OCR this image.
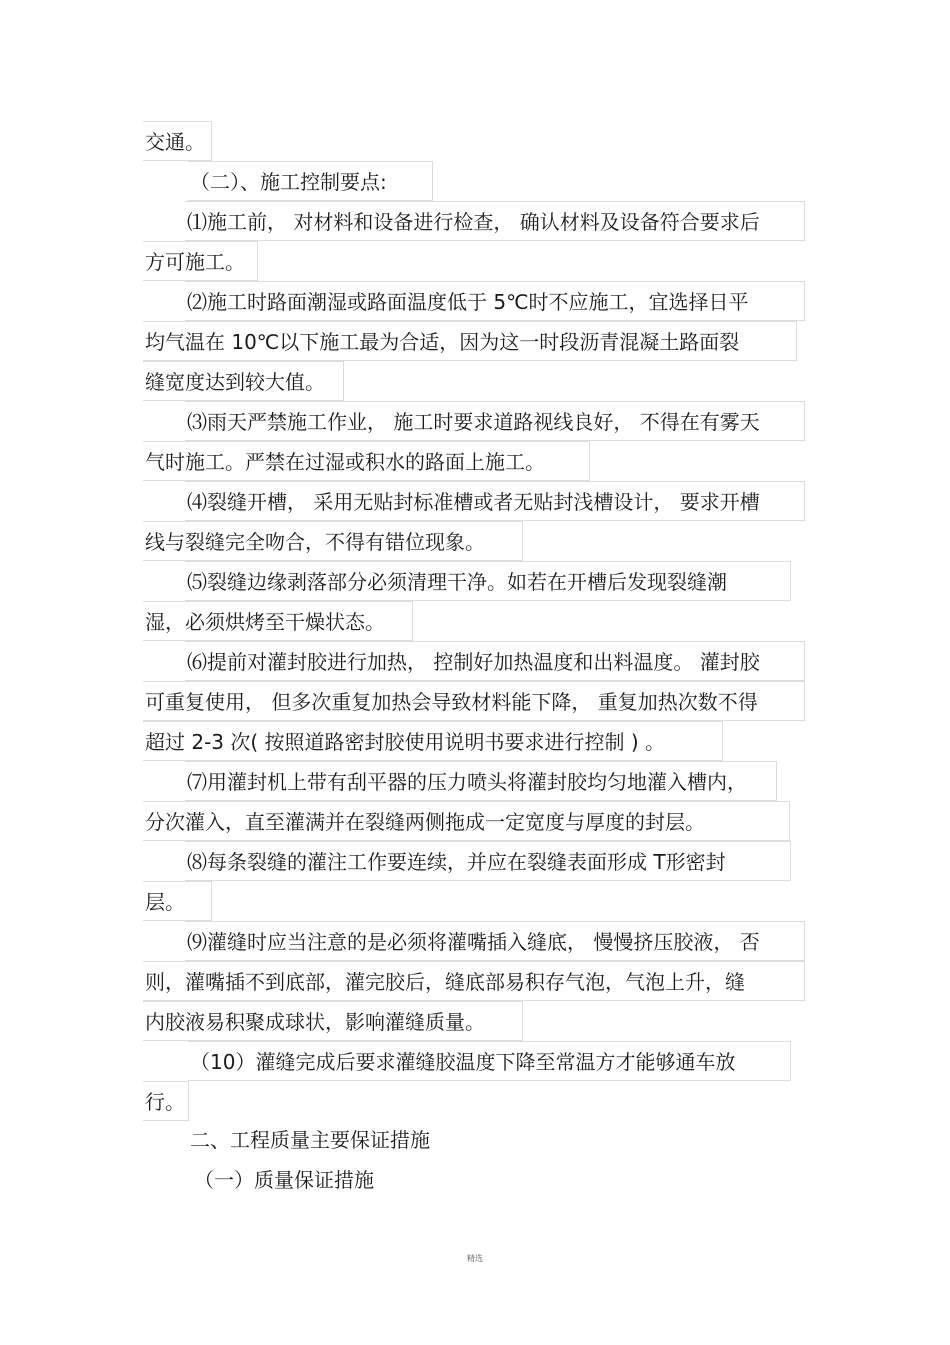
交通。
（二）、施工控制要点:
⑴施工前， 对材料和设备进行检查， 确认材料及设备符合要求后
方可施工。
⑵施工时路面潮湿或路面温度低于 5℃时不应施工，宜选择日平
均气温在 10℃以下施工最为合适，因为这一时段沥青混凝土路面裂
缝宽度达到较大值。
⑶雨天严禁施工作业， 施工时要求道路视线良好， 不得在有雾天
气时施工。严禁在过湿或积水的路面上施工。
⑷裂缝开槽， 采用无贴封标准槽或者无贴封浅槽设计， 要求开槽
线与裂缝完全吻合，不得有错位现象。
⑸裂缝边缘剥落部分必须清理干净。如若在开槽后发现裂缝潮
湿，必须烘烤至干燥状态。
⑹提前对灌封胶进行加热， 控制好加热温度和出料温度。 灌封胶
可重复使用， 但多次重复加热会导致材料能下降， 重复加热次数不得
超过 2-3 次( 按照道路密封胶使用说明书要求进行控制 ) 。
⑺用灌封机上带有刮平器的压力喷头将灌封胶均匀地灌入槽内，
分次灌入，直至灌满并在裂缝两侧拖成一定宽度与厚度的封层。
⑻每条裂缝的灌注工作要连续，并应在裂缝表面形成 T形密封
层。
⑼灌缝时应当注意的是必须将灌嘴插入缝底， 慢慢挤压胶液， 否
则，灌嘴插不到底部，灌完胶后，缝底部易积存气泡，气泡上升，缝
内胶液易积聚成球状，影响灌缝质量。
（10）灌缝完成后要求灌缝胶温度下降至常温方才能够通车放
行。
二、工程质量主要保证措施
（一）质量保证措施
精选
